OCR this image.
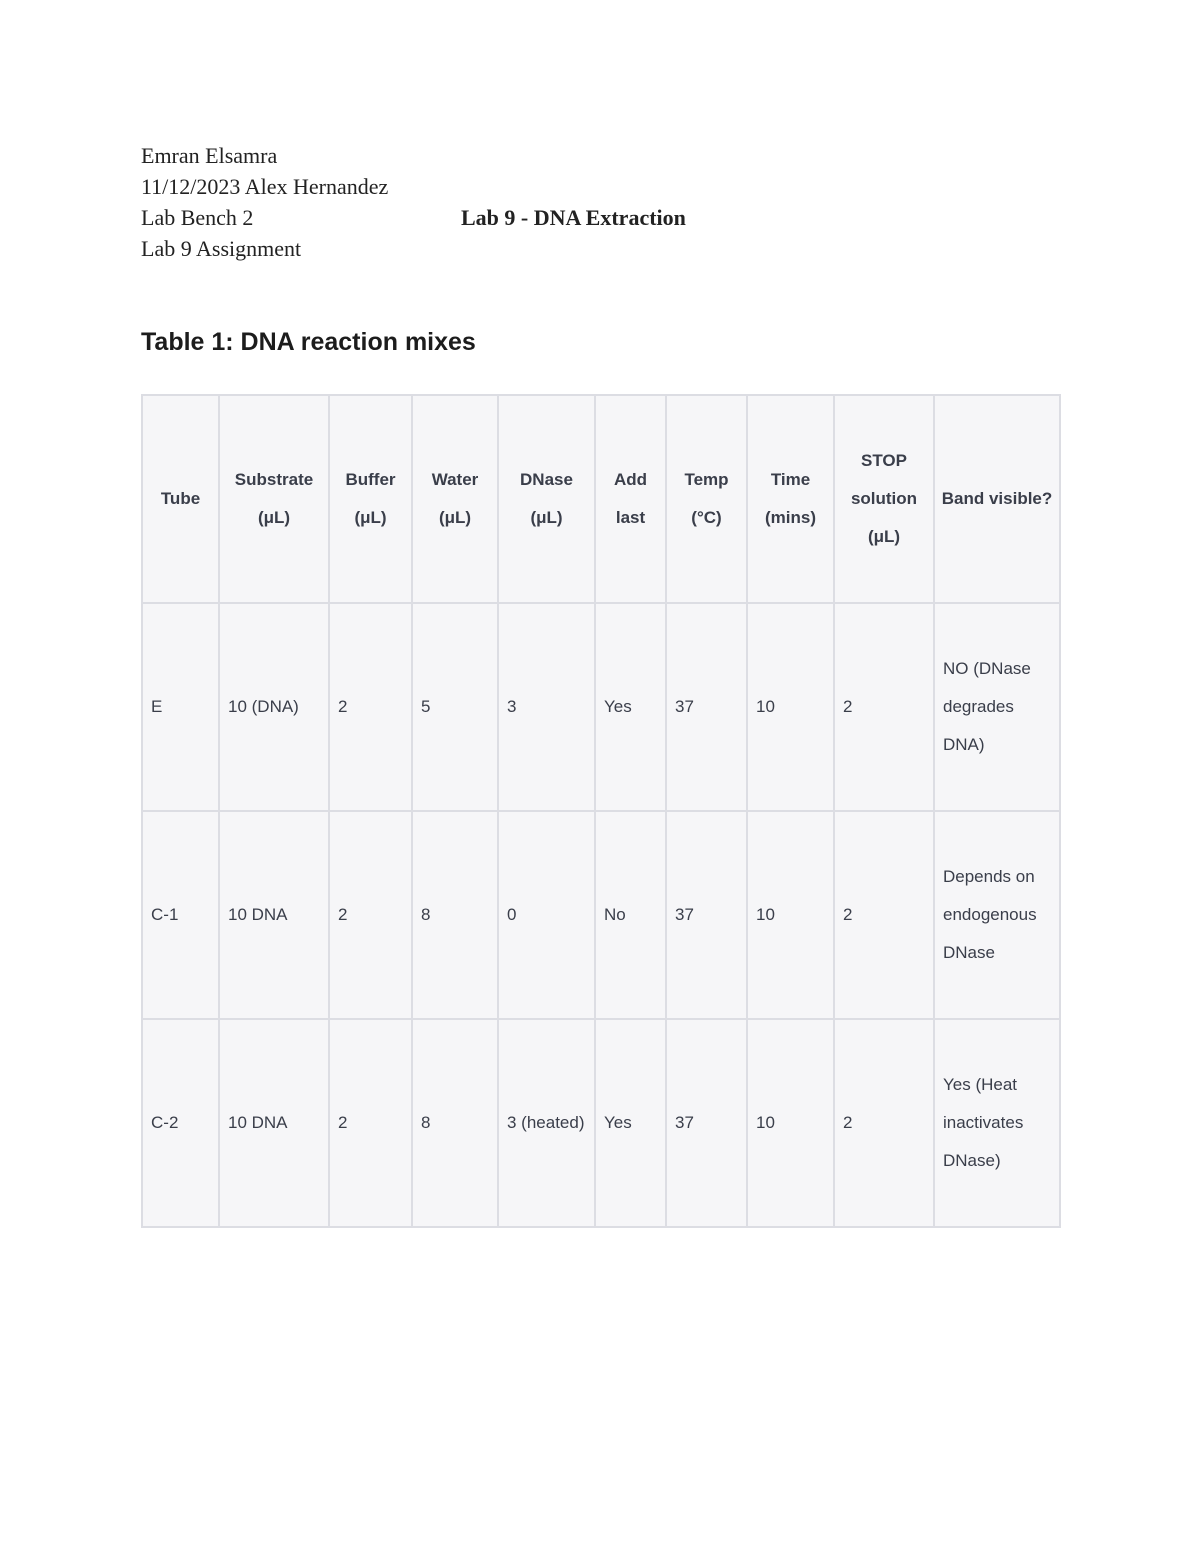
Emran Elsamra
11/12/2023 Alex Hernandez
Lab Bench 2
Lab 9 Assignment
Lab 9 - DNA Extraction
Table 1: DNA reaction mixes
Tube	Substrate (μL)	Buffer (μL)	Water (μL)	DNase (μL)	Add last	Temp (°C)	Time (mins)	STOP solution (μL)	Band visible?
E	10 (DNA)	2	5	3	Yes	37	10	2	NO (DNase degrades DNA)
C-1	10 DNA	2	8	0	No	37	10	2	Depends on endogenous DNase
C-2	10 DNA	2	8	3 (heated)	Yes	37	10	2	Yes (Heat inactivates DNase)
